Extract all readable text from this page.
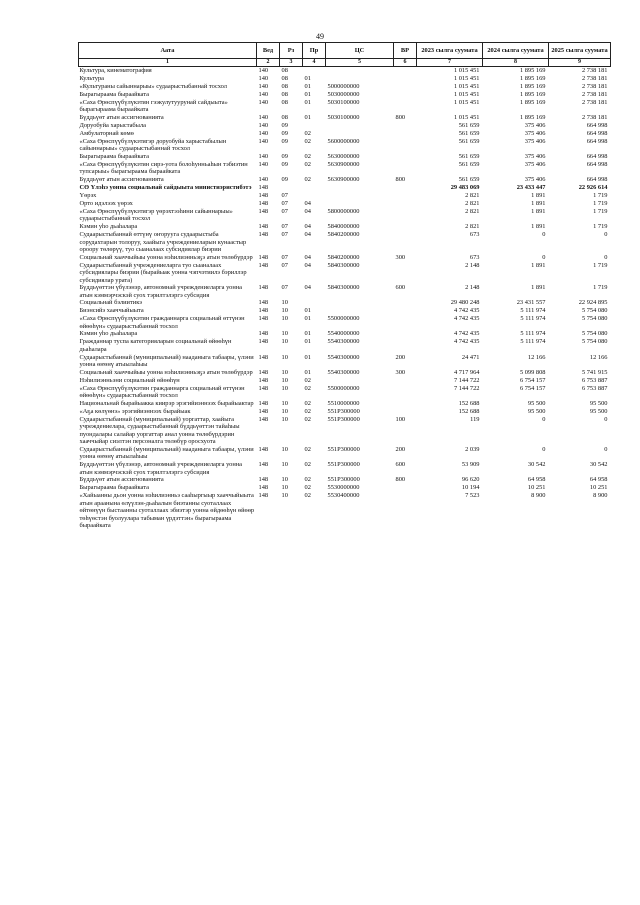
49
Аата	Вед	Рз	Пр	ЦС	ВР	2023 сылга суумата	2024 сылга суумата	2025 сылга суумата
1	2	3	4	5	6	7	8	9
Культура, кинематография	140	08				1 015 451	1 895 169	2 738 181
Культура	140	08	01			1 015 451	1 895 169	2 738 181
«Культураны сайыннарыы» судаарыстыбаннай тосхол	140	08	01	5000000000		1 015 451	1 895 169	2 738 181
Бырагыраама быраайката	140	08	01	5030000000		1 015 451	1 895 169	2 738 181
«Саха Өрөспүүбүлүкэтин гээкулутуурунай сайдыыта» бырагыраама быраайката	140	08	01	5030100000		1 015 451	1 895 169	2 738 181
Бүддьүөт атын ассигнованията	140	08	01	5030100000	800	1 015 451	1 895 169	2 738 181
Доруобуйа харыстабыла	140	09				561 659	375 406	664 998
Амбулаторнай көмө	140	09	02			561 659	375 406	664 998
«Саха Өрөспүүбүлүкэтигэр доруобуйа харыстабылын сайыннарыы» судаарыстыбаннай тосхол	140	09	02	5600000000		561 659	375 406	664 998
Бырагыраама быраайката	140	09	02	5630000000		561 659	375 406	664 998
«Саха Өрөспүүбүлүкэтин сирэ-уота болоһунньаһын тэбиэтин тупсарыы» бырагыраама быраайката	140	09	02	5630900000		561 659	375 406	664 998
Бүддьүөт атын ассигнованията	140	09	02	5630900000	800	561 659	375 406	664 998
СӨ Үлэһэ уонна социальнай сайдыыта министиэристибэтэ	148					29 483 069	23 433 447	22 926 614
Үөрэх	148	07				2 821	1 891	1 719
Орто идэлээх үөрэх	148	07	04			2 821	1 891	1 719
«Саха Өрөспүүбүлүкэтигэр үөрэхтээһини сайыннарыы» судаарыстыбаннай тосхол	148	07	04	5800000000		2 821	1 891	1 719
Кэмин уһо дьаһалара	148	07	04	5840000000		2 821	1 891	1 719
Судаарыстыбаннай өттүнү оҥорууга судаарыстыба сорудахтарын толоруу, хаайыга учреждениеларын кунаастыр ороору төлөрүү, туо сыаналаах субсидиялар биэрии	148	07	04	5840200000		673	0	0
Социальнай хааччыйыы уонна нэһилиэнньэҕэ атын төлөбүрдэр	148	07	04	5840200000	300	673	0	0
Судаарыстыбаннай учреждениеларга туо сыаналаах субсидиялары биэрии (бырайыак уонна чэпчэтиилэ бэриллэр субсидиялар урата)	148	07	04	5840300000		2 148	1 891	1 719
Бүддьүөттэн үбүлэнэр, автономнай учреждениеларга уонна атын кэммэрчэскэй суох тэрилтэлэргэ субсидия	148	07	04	5840300000	600	2 148	1 891	1 719
Социальнай бэлиитикэ	148	10				29 480 248	23 431 557	22 924 895
Биэнсийэ хааччыйыыта	148	10	01			4 742 435	5 111 974	5 754 080
«Саха Өрөспүүбүлүкэтин гражданнарга социальнай өттүнэн өйөөһүн» судаарыстыбаннай тосхол	148	10	01	5500000000		4 742 435	5 111 974	5 754 080
Кэмин уһо дьаһалара	148	10	01	5540000000		4 742 435	5 111 974	5 754 080
Гражданнар туспа категорияларын социальнай өйөөһүн дьаһалара	148	10	01	5540300000		4 742 435	5 111 974	5 754 080
Судаарыстыбаннай (муниципальнай) нааданыга табаары, үлэни уонна өҥөнү атыылаһыы	148	10	01	5540300000	200	24 471	12 166	12 166
Социальнай хааччыйыы уонна нэһилиэнньэҕэ атын төлөбүрдэр	148	10	01	5540300000	300	4 717 964	5 099 808	5 741 915
Нэһилиэнньэни социальнай өйөөһүн	148	10	02			7 144 722	6 754 157	6 753 887
«Саха Өрөспүүбүлүкэтин гражданнарга социальнай өттүнэн өйөөһүн» судаарыстыбаннай тосхол	148	10	02	5500000000		7 144 722	6 754 157	6 753 887
Национальнай бырайыакка киирэр эрэгийиэннээх бырайыактар	148	10	02	5510000000		152 688	95 500	95 500
«Аҕа көлүөнэ» эрэгийиэннээх бырайыак	148	10	02	551P300000		152 688	95 500	95 500
Судаарыстыбаннай (муниципальнай) уоргаттар, хаайыга учреждениелара, судаарыстыбаннай бүддьүөттэн тайаһыы пуондалары салайар уоргаттар анал уонна төлөбүрдэрин хааччыйар сиэлтэн персоналга төлөбүр оросхуота	148	10	02	551P300000	100	119	0	0
Судаарыстыбаннай (муниципальнай) нааданыга табаары, үлэни уонна өҥөнү атыылаһыы	148	10	02	551P300000	200	2 039	0	0
Бүддьүөттэн үбүлэнэр, автономнай учреждениеларга уонна атын кэммэрчэскэй суох тэрилтэлэргэ субсидия	148	10	02	551P300000	600	53 909	30 542	30 542
Бүддьүөт атын ассигнованията	148	10	02	551P300000	800	96 620	64 958	64 958
Бырагыраама быраайката	148	10	02	5530000000		10 194	10 251	10 251
«Хайыанны дьон уонна нэһилиэнньэ сааһыргыыр хааччыйыыта атын араанына өлүүлэн-дьаһалын биэтанны суоталлаах өйтөнүүн быстаанны суоталлаах эбиэтэр уонна өйдөөһүн өйөөр төһүөстэн буолуулара табыман үрдэттэн» бырагыраама быраайката	148	10	02	5530400000		7 523	8 900	8 900
